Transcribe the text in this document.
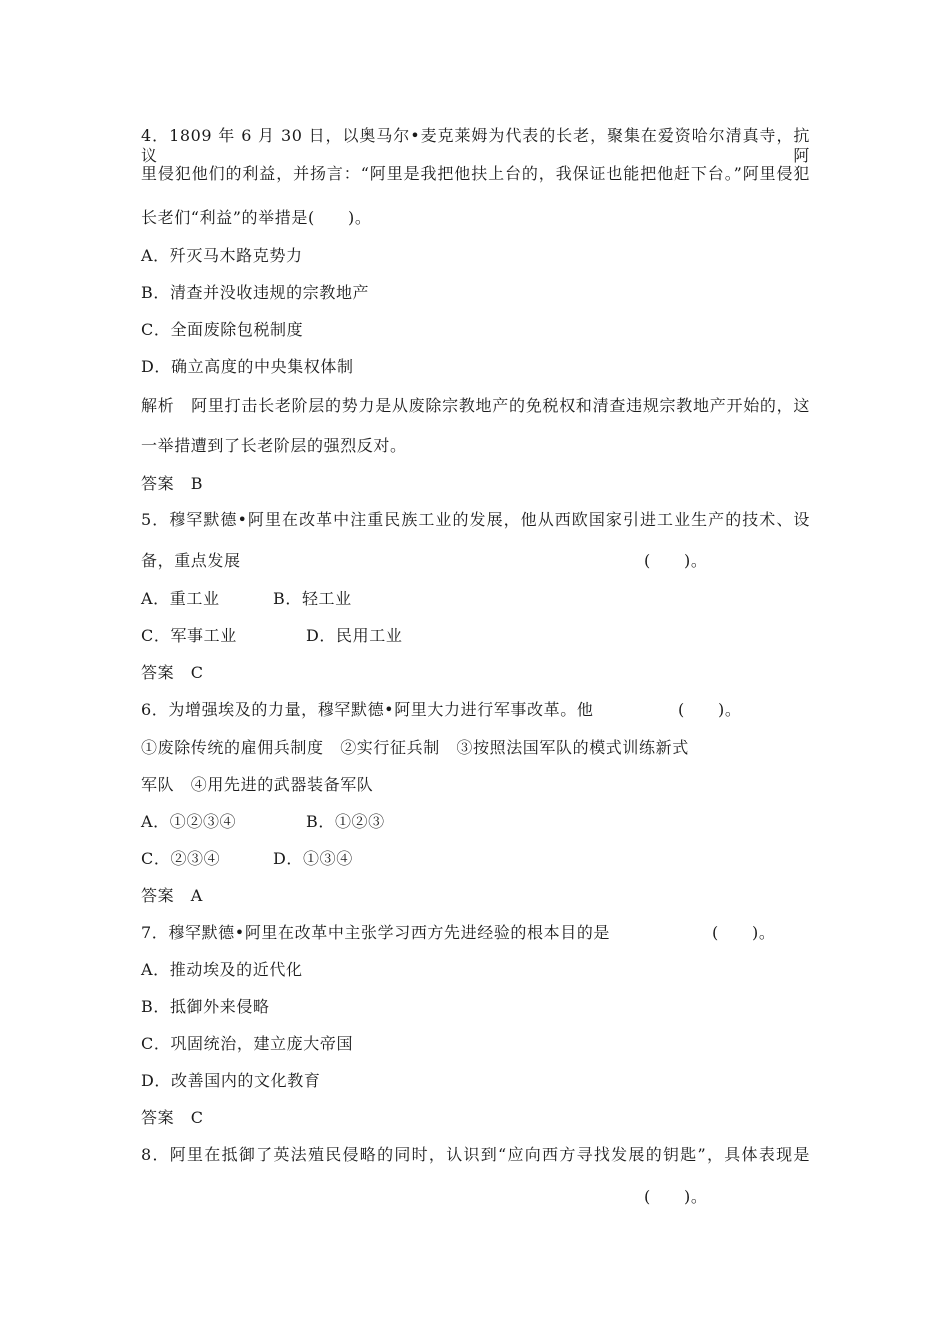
4．1809 年 6 月 30 日，以奥马尔•麦克莱姆为代表的长老，聚集在爱资哈尔清真寺，抗议阿
里侵犯他们的利益，并扬言：“阿里是我把他扶上台的，我保证也能把他赶下台。”阿里侵犯
长老们“利益”的举措是(　　)。
A．歼灭马木路克势力
B．清查并没收违规的宗教地产
C．全面废除包税制度
D．确立高度的中央集权体制
解析　阿里打击长老阶层的势力是从废除宗教地产的免税权和清查违规宗教地产开始的，这
一举措遭到了长老阶层的强烈反对。
答案　B
5．穆罕默德•阿里在改革中注重民族工业的发展，他从西欧国家引进工业生产的技术、设
备，重点发展	(　　)。
A．重工业	B．轻工业
C．军事工业	D．民用工业
答案　C
6．为增强埃及的力量，穆罕默德•阿里大力进行军事改革。他	(　　)。
①废除传统的雇佣兵制度　②实行征兵制　③按照法国军队的模式训练新式
军队　④用先进的武器装备军队
A．①②③④	B．①②③
C．②③④	D．①③④
答案　A
7．穆罕默德•阿里在改革中主张学习西方先进经验的根本目的是	(　　)。
A．推动埃及的近代化
B．抵御外来侵略
C．巩固统治，建立庞大帝国
D．改善国内的文化教育
答案　C
8．阿里在抵御了英法殖民侵略的同时，认识到“应向西方寻找发展的钥匙”，具体表现是
(　　)。
